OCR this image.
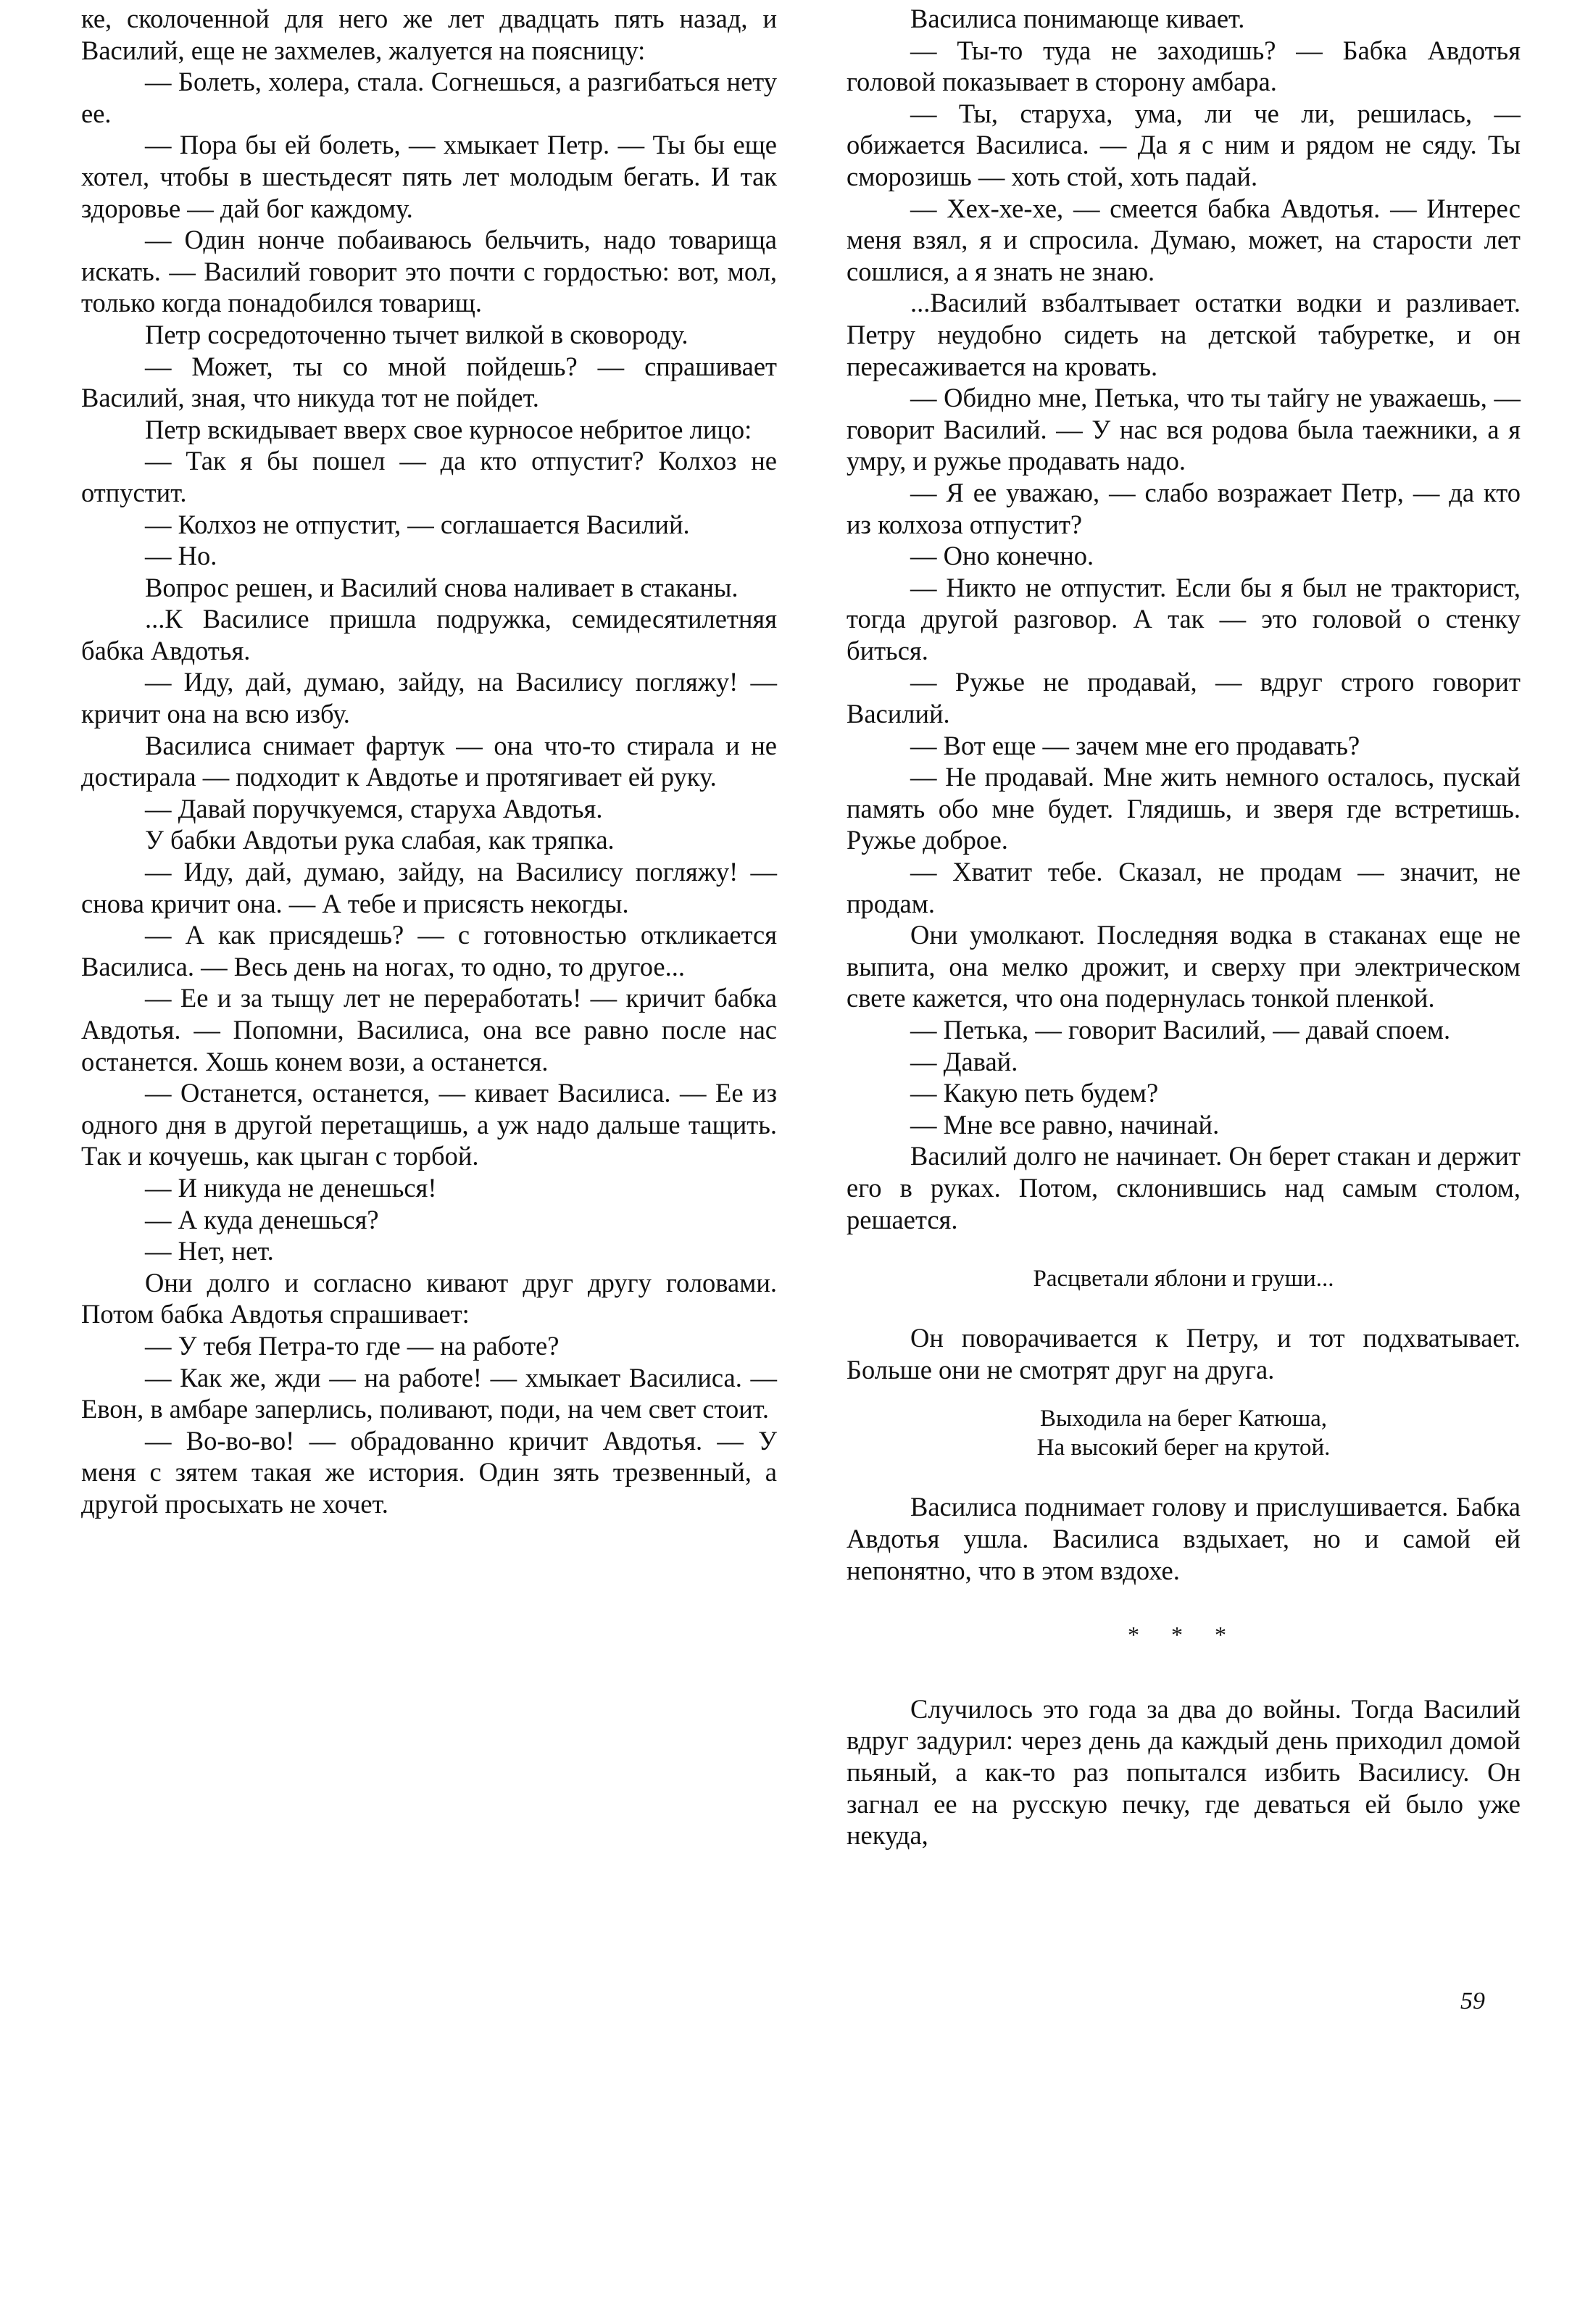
ке, сколоченной для него же лет двадцать пять назад, и Василий, еще не захмелев, жалуется на поясницу:

— Болеть, холера, стала. Согнешься, а разгибаться нету ее.

— Пора бы ей болеть, — хмыкает Петр. — Ты бы еще хотел, чтобы в шестьдесят пять лет молодым бегать. И так здоровье — дай бог каждому.

— Один нонче побаиваюсь бельчить, надо товарища искать. — Василий говорит это почти с гордостью: вот, мол, только когда понадобился товарищ.

Петр сосредоточенно тычет вилкой в сковороду.

— Может, ты со мной пойдешь? — спрашивает Василий, зная, что никуда тот не пойдет.

Петр вскидывает вверх свое курносое небритое лицо:

— Так я бы пошел — да кто отпустит? Колхоз не отпустит.

— Колхоз не отпустит, — соглашается Василий.

— Но.

Вопрос решен, и Василий снова наливает в стаканы.

...К Василисе пришла подружка, семидесятилетняя бабка Авдотья.

— Иду, дай, думаю, зайду, на Василису погляжу! — кричит она на всю избу.

Василиса снимает фартук — она что-то стирала и не достирала — подходит к Авдотье и протягивает ей руку.

— Давай поручкуемся, старуха Авдотья.

У бабки Авдотьи рука слабая, как тряпка.

— Иду, дай, думаю, зайду, на Василису погляжу! — снова кричит она. — А тебе и присясть некогды.

— А как присядешь? — с готовностью откликается Василиса. — Весь день на ногах, то одно, то другое...

— Ее и за тыщу лет не переработать! — кричит бабка Авдотья. — Попомни, Василиса, она все равно после нас останется. Хошь конем вози, а останется.

— Останется, останется, — кивает Василиса. — Ее из одного дня в другой перетащишь, а уж надо дальше тащить. Так и кочуешь, как цыган с торбой.

— И никуда не денешься!

— А куда денешься?

— Нет, нет.

Они долго и согласно кивают друг другу головами. Потом бабка Авдотья спрашивает:

— У тебя Петра-то где — на работе?

— Как же, жди — на работе! — хмыкает Василиса. — Евон, в амбаре заперлись, поливают, поди, на чем свет стоит.

— Во-во-во! — обрадованно кричит Авдотья. — У меня с зятем такая же история. Один зять трезвенный, а другой просыхать не хочет.

Василиса понимающе кивает.

— Ты-то туда не заходишь? — Бабка Авдотья головой показывает в сторону амбара.

— Ты, старуха, ума, ли че ли, решилась, — обижается Василиса. — Да я с ним и рядом не сяду. Ты сморозишь — хоть стой, хоть падай.

— Хех-хе-хе, — смеется бабка Авдотья. — Интерес меня взял, я и спросила. Думаю, может, на старости лет сошлися, а я знать не знаю.

...Василий взбалтывает остатки водки и разливает. Петру неудобно сидеть на детской табуретке, и он пересаживается на кровать.

— Обидно мне, Петька, что ты тайгу не уважаешь, — говорит Василий. — У нас вся родова была таежники, а я умру, и ружье продавать надо.

— Я ее уважаю, — слабо возражает Петр, — да кто из колхоза отпустит?

— Оно конечно.

— Никто не отпустит. Если бы я был не тракторист, тогда другой разговор. А так — это головой о стенку биться.

— Ружье не продавай, — вдруг строго говорит Василий.

— Вот еще — зачем мне его продавать?

— Не продавай. Мне жить немного осталось, пускай память обо мне будет. Глядишь, и зверя где встретишь. Ружье доброе.

— Хватит тебе. Сказал, не продам — значит, не продам.

Они умолкают. Последняя водка в стаканах еще не выпита, она мелко дрожит, и сверху при электрическом свете кажется, что она подернулась тонкой пленкой.

— Петька, — говорит Василий, — давай споем.

— Давай.

— Какую петь будем?

— Мне все равно, начинай.

Василий долго не начинает. Он берет стакан и держит его в руках. Потом, склонившись над самым столом, решается.

Расцветали яблони и груши...

Он поворачивается к Петру, и тот подхватывает. Больше они не смотрят друг на друга.

Выходила на берег Катюша,

На высокий берег на крутой.

Василиса поднимает голову и прислушивается. Бабка Авдотья ушла. Василиса вздыхает, но и самой ей непонятно, что в этом вздохе.

* * *

Случилось это года за два до войны. Тогда Василий вдруг задурил: через день да каждый день приходил домой пьяный, а как-то раз попытался избить Василису. Он загнал ее на русскую печку, где деваться ей было уже некуда,

59
